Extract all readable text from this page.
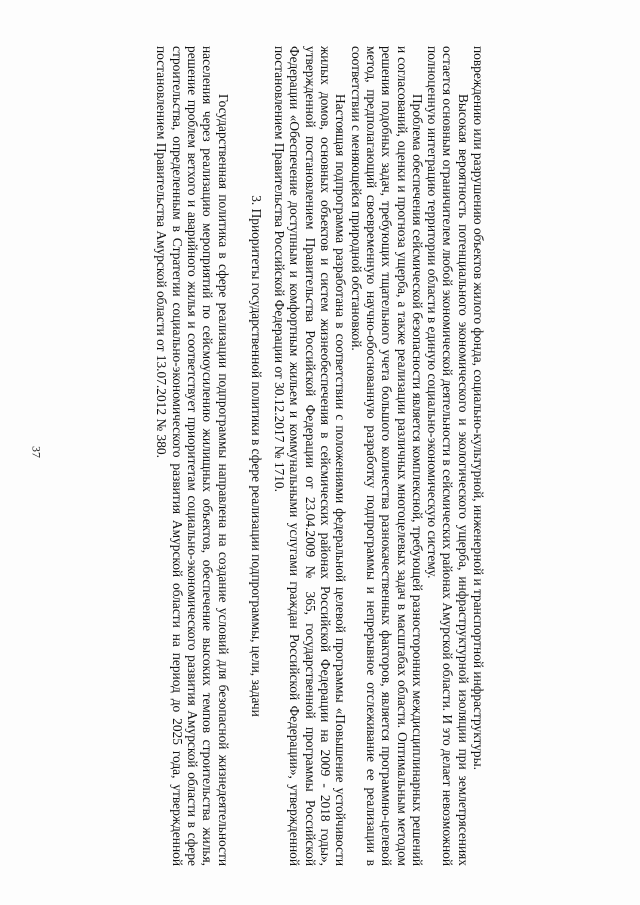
37	повреждению или разрушению объектов жилого фонда, социально-культурной, инженерной и транспортной инфраструктуры.

Высокая вероятность потенциального экономического и экологического ущерба, инфраструктурной изоляции при землетрясениях остается основным ограничителем любой экономической деятельности в сейсмических районах Амурской области. И это делает невозможной полноценную интеграцию территории области в единую социально-экономическую систему.

Проблема обеспечения сейсмической безопасности является комплексной, требующей разносторонних междисциплинарных решений и согласований, оценки и прогноза ущерба, а также реализации различных многоцелевых задач в масштабах области. Оптимальным методом решения подобных задач, требующих тщательного учета большого количества разнокачественных факторов, является программно-целевой метод, предполагающий своевременную научно-обоснованную разработку подпрограммы и непрерывное отслеживание ее реализации в соответствии с меняющейся природной обстановкой.

Настоящая подпрограмма разработана в соответствии с положениями федеральной целевой программы «Повышение устойчивости жилых домов, основных объектов и систем жизнеобеспечения в сейсмических районах Российской Федерации на 2009 - 2018 годы», утвержденной постановлением Правительства Российской Федерации от 23.04.2009 № 365, государственной программы Российской Федерации «Обеспечение доступным и комфортным жильем и коммунальными услугами граждан Российской Федерации», утвержденной постановлением Правительства Российской Федерации от 30.12.2017 № 1710.

3. Приоритеты государственной политики в сфере реализации подпрограммы, цели, задачи

Государственная политика в сфере реализации подпрограммы направлена на создание условий для безопасной жизнедеятельности населения через реализацию мероприятий по сейсмоусилению жилищных объектов, обеспечение высоких темпов строительства жилья, решение проблем ветхого и аварийного жилья и соответствует приоритетам социально-экономического развития Амурской области в сфере строительства, определенным в Стратегии социально-экономического развития Амурской области на период до 2025 года, утвержденной постановлением Правительства Амурской области от 13.07.2012 № 380.
